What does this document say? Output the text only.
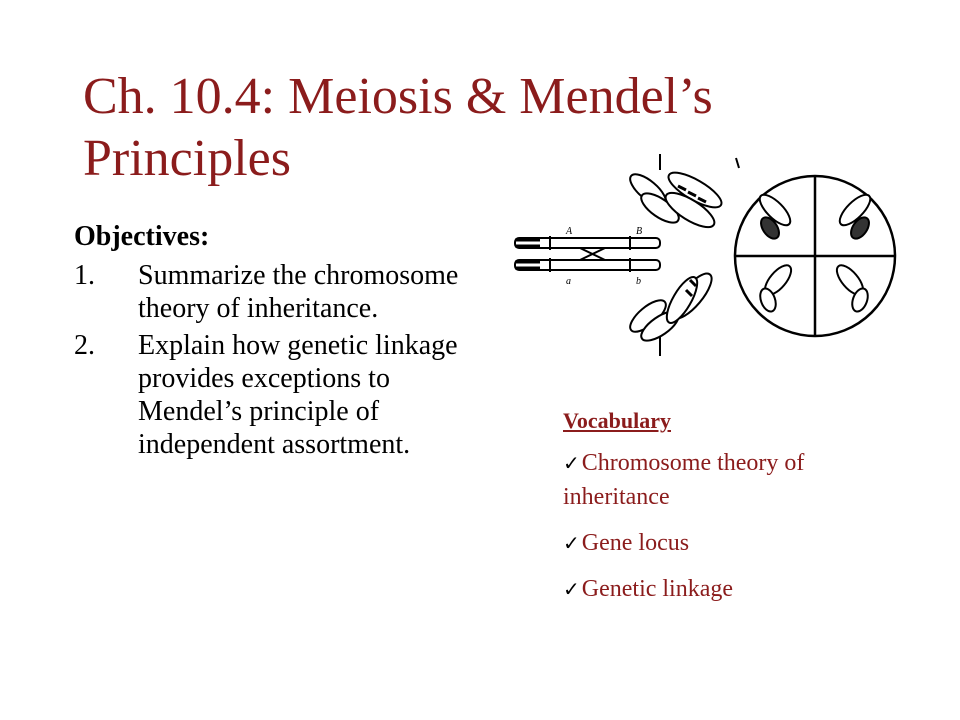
Ch. 10.4: Meiosis & Mendel’s
Principles
Objectives:
1. Summarize the chromosome theory of inheritance.
2. Explain how genetic linkage provides exceptions to Mendel’s principle of independent assortment.
A	B
a	b
Vocabulary
✓Chromosome theory of inheritance
✓Gene locus
✓Genetic linkage
